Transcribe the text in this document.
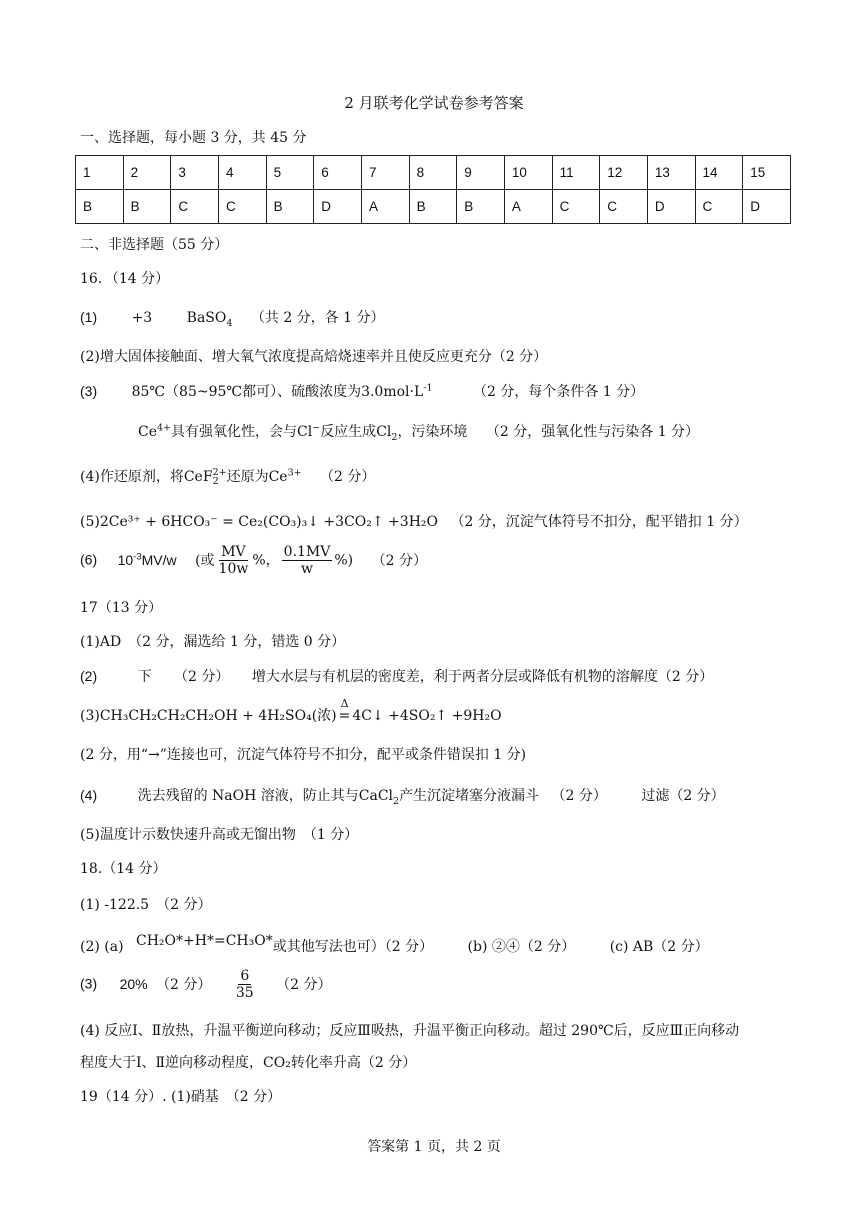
2 月联考化学试卷参考答案
一、选择题，每小题 3 分，共 45 分
1	2	3	4	5	6	7	8	9	10	11	12	13	14	15
B	B	C	C	B	D	A	B	B	A	C	C	D	C	D
二、非选择题（55 分）
16．（14 分）
(1) +3 BaSO$_4$ （共 2 分，各 1 分）
(2)增大固体接触面、增大氧气浓度提高焙烧速率并且使反应更充分（2 分）
(3) 85℃（85~95℃都可）、硫酸浓度为$3.0mol\cdot L^{-1}$	（2 分，每个条件各 1 分）
$Ce^{4+}$具有强氧化性，会与Cl−反应生成$Cl_2$，污染环境 （2 分，强氧化性与污染各 1 分）
(4)作还原剂，将CeF 2+
2 还原为$Ce^{3+}$ （2 分）
(5)2Ce³⁺ + 6HCO₃⁻ = Ce₂(CO₃)₃↓ +3CO₂↑ +3H₂O （2 分，沉淀气体符号不扣分，配平错扣 1 分）
(6) $10^{-3}MV/w$ (或 $\frac{MV}{10w}$ %， $\frac{0.1MV}{w}$ %) （2 分）
17（13 分）
(1)AD　（2 分，漏选给 1 分，错选 0 分）
(2)	下 （2 分） 增大水层与有机层的密度差，利于两者分层或降低有机物的溶解度（2 分）
(3)CH₃CH₂CH₂CH₂OH + 4H₂SO₄(浓)
Δ
= 4C↓ +4SO₂↑ +9H₂O
(2 分，用“→”连接也可，沉淀气体符号不扣分，配平或条件错误扣 1 分)
(4)	洗去残留的 NaOH 溶液，防止其与CaCl$_2$产生沉淀堵塞分液漏斗 （2 分） 过滤（2 分）
(5)温度计示数快速升高或无馏出物　（1 分）
18.（14 分）
(1) -122.5　（2 分）
(2) (a) CH₂O*+H*=CH₃O*或其他写法也可）（2 分） (b) ②④（2 分） (c) AB（2 分）
(3) 20% （2 分） $\frac{6}{35} (2$ 分）
(4) 反应Ⅰ、Ⅱ放热，升温平衡逆向移动；反应Ⅲ吸热，升温平衡正向移动。超过 290℃后，反应Ⅲ正向移动
程度大于Ⅰ、Ⅱ逆向移动程度，CO₂转化率升高（2 分）
19（14 分）. (1)硝基　（2 分）
答案第 1 页，共 2 页
